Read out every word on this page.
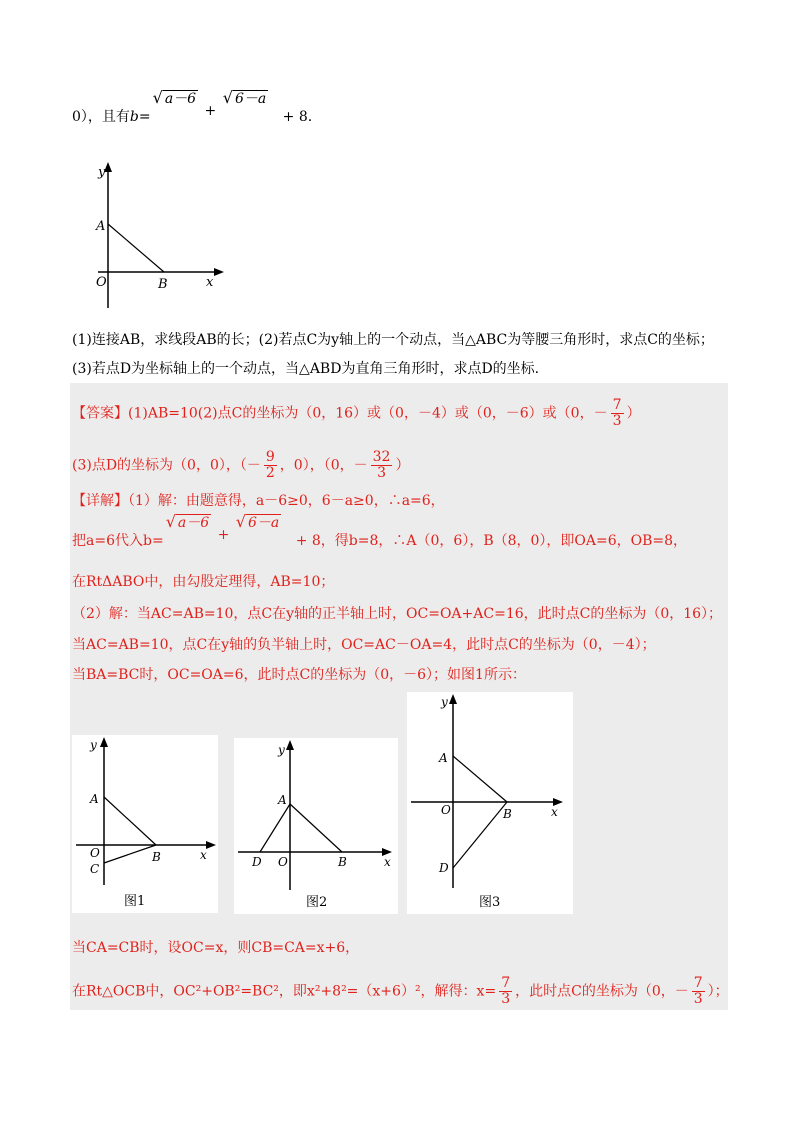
0），且有b=√ a－6 + √ 6－a + 8.
y
x
A
O	B
(1)连接AB，求线段AB的长；(2)若点C为y轴上的一个动点，当△ABC为等腰三角形时，求点C的坐标；
(3)若点D为坐标轴上的一个动点，当△ABD为直角三角形时，求点D的坐标.
【答案】(1)AB=10(2)点C的坐标为（0，16）或（0，－4）或（0，－6）或（0，－ $\frac{7}{3}$ ）
(3)点D的坐标为（0，0），（－ $\frac{9}{2}$ ，0），（0，－ $\frac{32}{3}$ ）
【详解】（1）解：由题意得，a－6≥0，6－a≥0，∴a=6，
把a=6代入b=√ a－6 + √ 6－a + 8，得b=8，∴A（0，6），B（8，0），即OA=6，OB=8，
在RtΔABO中，由勾股定理得，AB=10；
（2）解：当AC=AB=10，点C在y轴的正半轴上时，OC=OA+AC=16，此时点C的坐标为（0，16）；
当AC=AB=10，点C在y轴的负半轴上时，OC=AC－OA=4，此时点C的坐标为（0，－4）；
当BA=BC时，OC=OA=6，此时点C的坐标为（0，－6）；如图1所示：
y
x
A
O	B
C
图1
y
x
A
O	B
D
图2
y
x
A
O	B
D
图3
当CA=CB时，设OC=x，则CB=CA=x+6，
在Rt△OCB中，OC²+OB²=BC²，即x²+8²=（x+6）²，解得：$x= \frac{7}{3}$ ，此时点C的坐标为（0，－ $\frac{7}{3}$ ）；
